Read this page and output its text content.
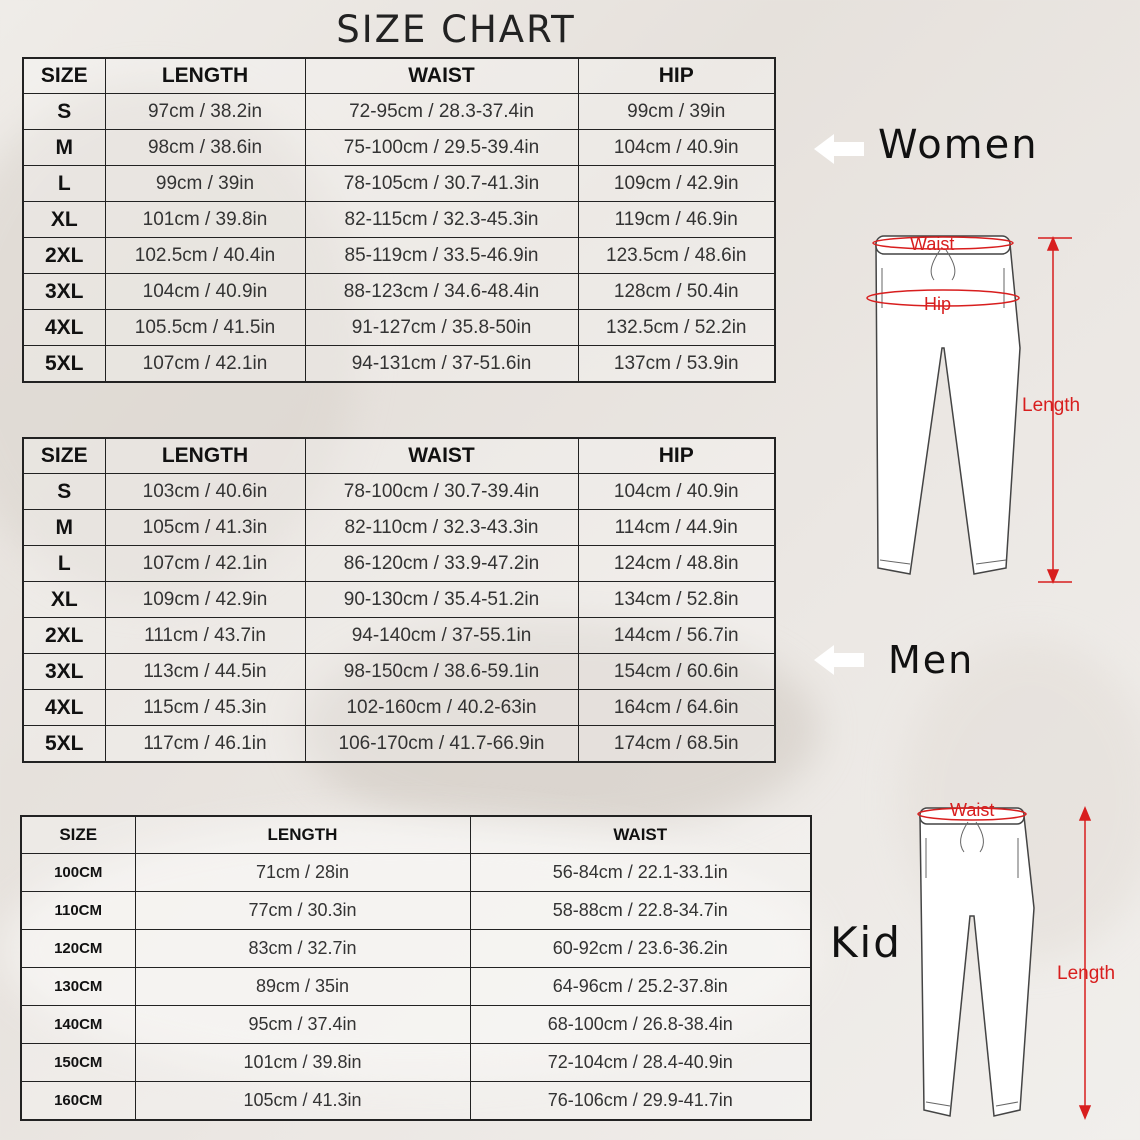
SIZE CHART
SIZE	LENGTH	WAIST	HIP
S	97cm / 38.2in	72-95cm / 28.3-37.4in	99cm / 39in
M	98cm / 38.6in	75-100cm / 29.5-39.4in	104cm / 40.9in
L	99cm / 39in	78-105cm / 30.7-41.3in	109cm / 42.9in
XL	101cm / 39.8in	82-115cm / 32.3-45.3in	119cm / 46.9in
2XL	102.5cm / 40.4in	85-119cm / 33.5-46.9in	123.5cm / 48.6in
3XL	104cm / 40.9in	88-123cm / 34.6-48.4in	128cm / 50.4in
4XL	105.5cm / 41.5in	91-127cm / 35.8-50in	132.5cm / 52.2in
5XL	107cm / 42.1in	94-131cm / 37-51.6in	137cm / 53.9in
SIZE	LENGTH	WAIST	HIP
S	103cm / 40.6in	78-100cm / 30.7-39.4in	104cm / 40.9in
M	105cm / 41.3in	82-110cm / 32.3-43.3in	114cm / 44.9in
L	107cm / 42.1in	86-120cm / 33.9-47.2in	124cm / 48.8in
XL	109cm / 42.9in	90-130cm / 35.4-51.2in	134cm / 52.8in
2XL	111cm / 43.7in	94-140cm / 37-55.1in	144cm / 56.7in
3XL	113cm / 44.5in	98-150cm / 38.6-59.1in	154cm / 60.6in
4XL	115cm / 45.3in	102-160cm / 40.2-63in	164cm / 64.6in
5XL	117cm / 46.1in	106-170cm / 41.7-66.9in	174cm / 68.5in
SIZE	LENGTH	WAIST
100CM	71cm / 28in	56-84cm / 22.1-33.1in
110CM	77cm / 30.3in	58-88cm / 22.8-34.7in
120CM	83cm / 32.7in	60-92cm / 23.6-36.2in
130CM	89cm / 35in	64-96cm / 25.2-37.8in
140CM	95cm / 37.4in	68-100cm / 26.8-38.4in
150CM	101cm / 39.8in	72-104cm / 28.4-40.9in
160CM	105cm / 41.3in	76-106cm / 29.9-41.7in
Women
Men
Kid
Waist
Hip
Length
Waist
Length
